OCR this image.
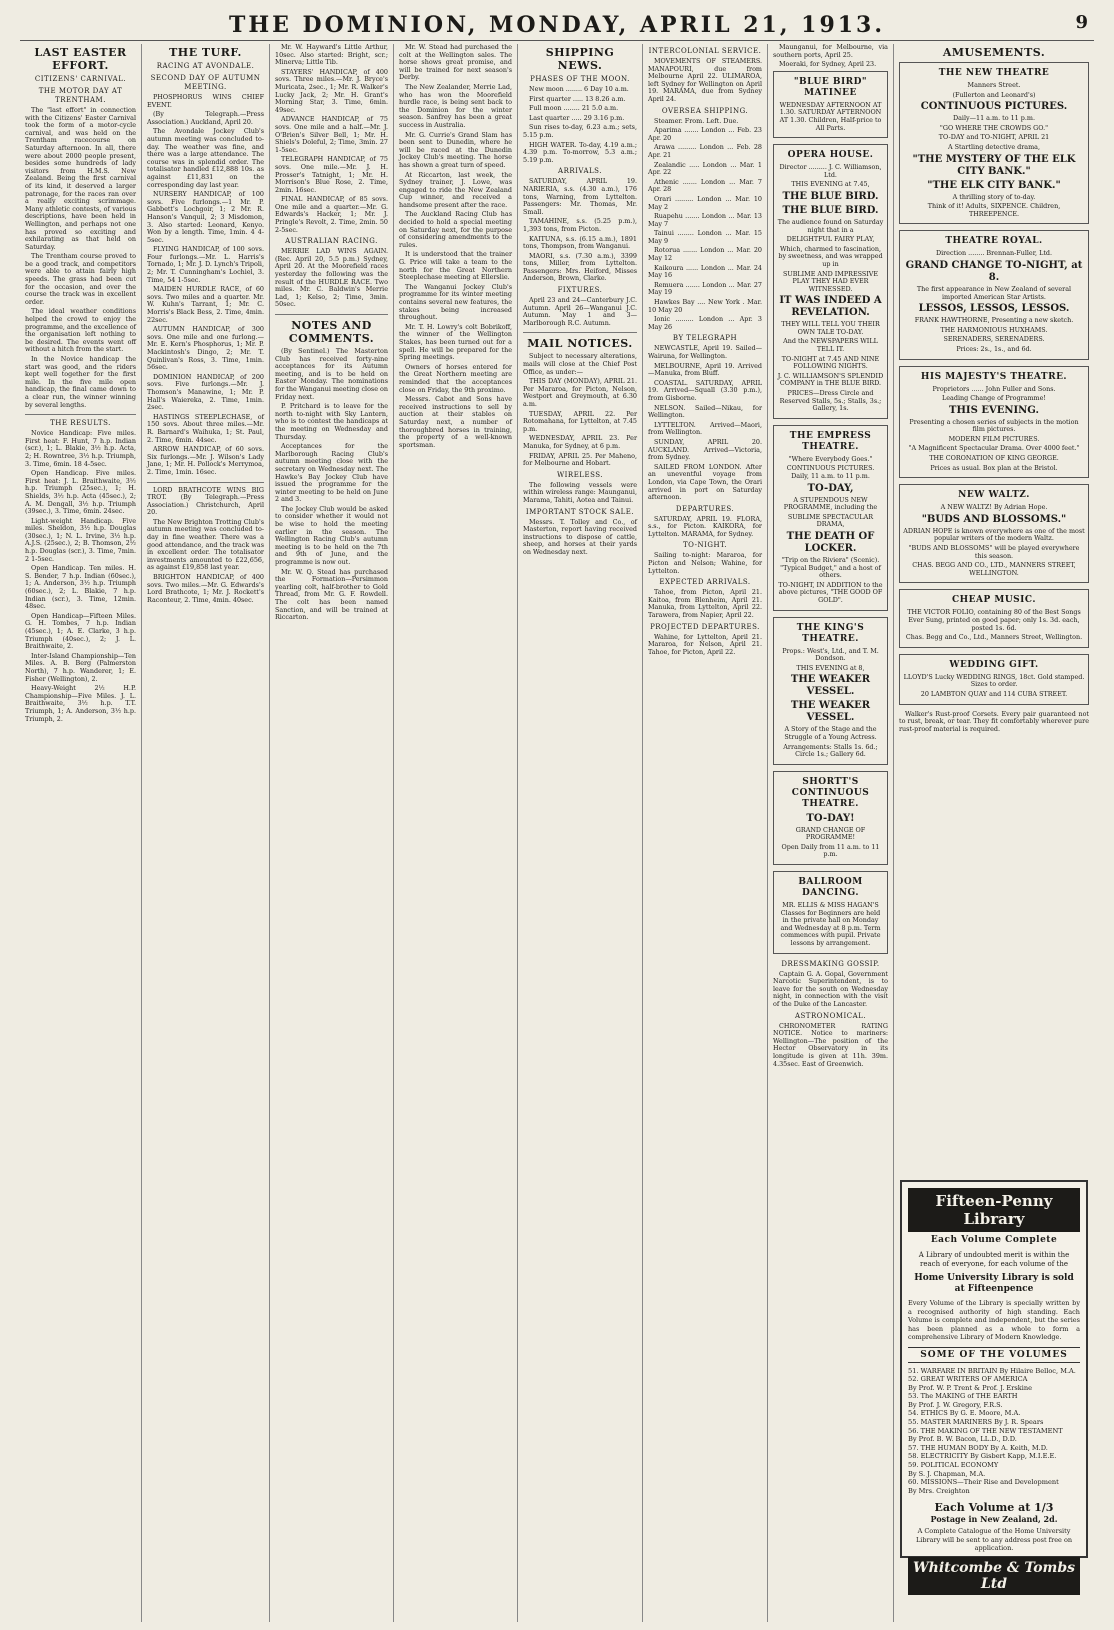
THE DOMINION, MONDAY, APRIL 21, 1913.	9
LAST EASTER EFFORT.
CITIZENS' CARNIVAL.
THE MOTOR DAY AT TRENTHAM.

The "last effort" in connection with the Citizens' Easter Carnival took the form of a motor-cycle carnival, and was held on the Trentham racecourse on Saturday afternoon. In all, there were about 2000 people present, besides some hundreds of lady visitors from H.M.S. New Zealand. Being the first carnival of its kind, it deserved a larger patronage, for the races ran over a really exciting scrimmage. Many athletic contests, of various descriptions, have been held in Wellington, and perhaps not one has proved so exciting and exhilarating as that held on Saturday.

The Trentham course proved to be a good track, and competitors were able to attain fairly high speeds. The grass had been cut for the occasion, and over the course the track was in excellent order.

The ideal weather conditions helped the crowd to enjoy the programme, and the excellence of the organisation left nothing to be desired. The events went off without a hitch from the start.

In the Novice handicap the start was good, and the riders kept well together for the first mile. In the five mile open handicap, the final came down to a clear run, the winner winning by several lengths.

THE RESULTS.

Novice Handicap: Five miles. First heat: F. Hunt, 7 h.p. Indian (scr.), 1; L. Blakie, 3½ h.p. Acta, 2; H. Rowntree, 3½ h.p. Triumph, 3. Time, 6min. 18 4-5sec.

Open Handicap. Five miles. First heat: J. L. Braithwaite, 3½ h.p. Triumph (25sec.), 1; H. Shields, 3½ h.p. Acta (45sec.), 2; A. M. Dengall, 3½ h.p. Triumph (39sec.), 3. Time, 6min. 24sec.

Light-weight Handicap. Five miles. Sheldon, 3½ h.p. Douglas (30sec.), 1; N. L. Irvine, 3½ h.p. A.J.S. (25sec.), 2; B. Thomson, 2½ h.p. Douglas (scr.), 3. Time, 7min. 2 1-5sec.

Open Handicap. Ten miles. H. S. Bender, 7 h.p. Indian (60sec.), 1; A. Anderson, 3½ h.p. Triumph (60sec.), 2; L. Blakie, 7 h.p. Indian (scr.), 3. Time, 12min. 48sec.

Open Handicap—Fifteen Miles. G. H. Tombes, 7 h.p. Indian (45sec.), 1; A. E. Clarke, 3 h.p. Triumph (40sec.), 2; J. L. Braithwaite, 2.

Inter-Island Championship—Ten Miles. A. B. Berg (Palmerston North), 7 h.p. Wanderer, 1; E. Fisher (Wellington), 2.

Heavy-Weight 2½ H.P. Championship—Five Miles. J. L. Braithwaite, 3½ h.p. T.T. Triumph, 1; A. Anderson, 3½ h.p. Triumph, 2.

THE TURF.
RACING AT AVONDALE.
SECOND DAY OF AUTUMN MEETING.

PHOSPHORUS WINS CHIEF EVENT.

(By Telegraph.—Press Association.) Auckland, April 20.

The Avondale Jockey Club's autumn meeting was concluded to-day. The weather was fine, and there was a large attendance. The course was in splendid order. The totalisator handled £12,888 10s. as against £11,831 on the corresponding day last year.

NURSERY HANDICAP, of 100 sovs. Five furlongs.—1 Mr. P. Gabbett's Lochgoir, 1; 2 Mr. R. Hanson's Vanquil, 2; 3 Misdomon, 3. Also started: Leonard, Kenyo. Won by a length. Time, 1min. 4 4-5sec.

FLYING HANDICAP, of 100 sovs. Four furlongs.—Mr. L. Harris's Tornado, 1; Mr. J. D. Lynch's Tripoli, 2; Mr. T. Cunningham's Lochiel, 3. Time, 54 1-5sec.

MAIDEN HURDLE RACE, of 60 sovs. Two miles and a quarter. Mr. W. Kuhn's Tarrant, 1; Mr. C. Morris's Black Bess, 2. Time, 4min. 22sec.

AUTUMN HANDICAP, of 300 sovs. One mile and one furlong.—Mr. E. Kern's Phosphorus, 1; Mr. P. Mackintosh's Dingo, 2; Mr. T. Quinlivan's Ross, 3. Time, 1min. 56sec.

DOMINION HANDICAP, of 200 sovs. Five furlongs.—Mr. J. Thomson's Manawine, 1; Mr. P. Hall's Waiereka, 2. Time, 1min. 2sec.

HASTINGS STEEPLECHASE, of 150 sovs. About three miles.—Mr. R. Barnard's Waihuka, 1; St. Paul, 2. Time, 6min. 44sec.

ARROW HANDICAP, of 60 sovs. Six furlongs.—Mr. J. Wilson's Lady Jane, 1; Mr. H. Pollock's Merrymoa, 2. Time, 1min. 16sec.

LORD BRATHCOTE WINS BIG TROT. (By Telegraph.—Press Association.) Christchurch, April 20.

The New Brighton Trotting Club's autumn meeting was concluded to-day in fine weather. There was a good attendance, and the track was in excellent order. The totalisator investments amounted to £22,656, as against £19,858 last year.

BRIGHTON HANDICAP, of 400 sovs. Two miles.—Mr. G. Edwards's Lord Brathcote, 1; Mr. J. Rockett's Raconteur, 2. Time, 4min. 40sec.

Mr. W. Hayward's Little Arthur, 10sec. Also started: Bright, scr.; Minerva; Little Tib.

STAYERS' HANDICAP, of 400 sovs. Three miles.—Mr. J. Bryce's Muricata, 2sec., 1; Mr. R. Walker's Lucky Jack, 2; Mr. H. Grant's Morning Star, 3. Time, 6min. 49sec.

ADVANCE HANDICAP, of 75 sovs. One mile and a half.—Mr. J. O'Brien's Silver Bell, 1; Mr. H. Shiels's Doleful, 2; Time, 3min. 27 1-5sec.

TELEGRAPH HANDICAP, of 75 sovs. One mile.—Mr. J. H. Prosser's Tatnight, 1; Mr. H. Morrison's Blue Rose, 2. Time, 2min. 16sec.

FINAL HANDICAP, of 85 sovs. One mile and a quarter.—Mr. G. Edwards's Hacker, 1; Mr. J. Pringle's Revolt, 2. Time, 2min. 50 2-5sec.

AUSTRALIAN RACING.

MERRIE LAD WINS AGAIN. (Rec. April 20, 5.5 p.m.) Sydney, April 20. At the Moorefield races yesterday the following was the result of the HURDLE RACE. Two miles. Mr. C. Baldwin's Merrie Lad, 1; Kelso, 2; Time, 3min. 50sec.

NOTES AND COMMENTS.

(By Sentinel.) The Masterton Club has received forty-nine acceptances for its Autumn meeting, and is to be held on Easter Monday. The nominations for the Wanganui meeting close on Friday next.

P. Pritchard is to leave for the north to-night with Sky Lantern, who is to contest the handicaps at the meeting on Wednesday and Thursday.

Acceptances for the Marlborough Racing Club's autumn meeting close with the secretary on Wednesday next. The Hawke's Bay Jockey Club have issued the programme for the winter meeting to be held on June 2 and 3.

The Jockey Club would be asked to consider whether it would not be wise to hold the meeting earlier in the season. The Wellington Racing Club's autumn meeting is to be held on the 7th and 9th of June, and the programme is now out.

Mr. W. Q. Stead has purchased the Formation—Persimmon yearling colt, half-brother to Gold Thread, from Mr. G. F. Rowdell. The colt has been named Sanction, and will be trained at Riccarton.

Mr. W. Stead had purchased the colt at the Wellington sales. The horse shows great promise, and will be trained for next season's Derby.

The New Zealander, Merrie Lad, who has won the Moorefield hurdle race, is being sent back to the Dominion for the winter season. Sanfrey has been a great success in Australia.

Mr. G. Currie's Grand Slam has been sent to Dunedin, where he will be raced at the Dunedin Jockey Club's meeting. The horse has shown a great turn of speed.

At Riccarton, last week, the Sydney trainer, J. Lowe, was engaged to ride the New Zealand Cup winner, and received a handsome present after the race.

The Auckland Racing Club has decided to hold a special meeting on Saturday next, for the purpose of considering amendments to the rules.

It is understood that the trainer G. Price will take a team to the north for the Great Northern Steeplechase meeting at Ellerslie.

The Wanganui Jockey Club's programme for its winter meeting contains several new features, the stakes being increased throughout.

Mr. T. H. Lowry's colt Bobrikoff, the winner of the Wellington Stakes, has been turned out for a spell. He will be prepared for the Spring meetings.

Owners of horses entered for the Great Northern meeting are reminded that the acceptances close on Friday, the 9th proximo.

Messrs. Cabot and Sons have received instructions to sell by auction at their stables on Saturday next, a number of thoroughbred horses in training, the property of a well-known sportsman.

SHIPPING NEWS.
PHASES OF THE MOON.

New moon ........ 6 Day 10 a.m.

First quarter ..... 13 8.26 a.m.

Full moon ........ 21 5.0 a.m.

Last quarter ..... 29 3.16 p.m.

Sun rises to-day, 6.23 a.m.; sets, 5.15 p.m.

HIGH WATER. To-day, 4.19 a.m.; 4.39 p.m. To-morrow, 5.3 a.m.; 5.19 p.m.

ARRIVALS.

SATURDAY, APRIL 19. NARIERIA, s.s. (4.30 a.m.), 176 tons, Warning, from Lyttelton. Passengers: Mr. Thomas, Mr. Small.

TAMAHINE, s.s. (5.25 p.m.), 1,393 tons, from Picton.

KAITUNA, s.s. (6.15 a.m.), 1891 tons, Thompson, from Wanganui.

MAORI, s.s. (7.30 a.m.), 3399 tons, Miller, from Lyttelton. Passengers: Mrs. Heiford, Misses Anderson, Brown, Clarke.

FIXTURES.

April 23 and 24—Canterbury J.C. Autumn. April 26—Wanganui J.C. Autumn. May 1 and 3—Marlborough R.C. Autumn.

MAIL NOTICES.

Subject to necessary alterations, mails will close at the Chief Post Office, as under:—

THIS DAY (MONDAY), APRIL 21. Per Mararoa, for Picton, Nelson, Westport and Greymouth, at 6.30 a.m.

TUESDAY, APRIL 22. Per Rotomahana, for Lyttelton, at 7.45 p.m.

WEDNESDAY, APRIL 23. Per Manuka, for Sydney, at 6 p.m.

FRIDAY, APRIL 25. Per Maheno, for Melbourne and Hobart.

WIRELESS.

The following vessels were within wireless range: Maunganui, Marama, Tahiti, Aotea and Tainui.

IMPORTANT STOCK SALE.

Messrs. T. Tolley and Co., of Masterton, report having received instructions to dispose of cattle, sheep, and horses at their yards on Wednesday next.

INTERCOLONIAL SERVICE.

MOVEMENTS OF STEAMERS. MANAPOURI, due from Melbourne April 22. ULIMAROA, left Sydney for Wellington on April 19. MARAMA, due from Sydney April 24.

OVERSEA SHIPPING.

Steamer. From. Left. Due.

Aparima ....... London ... Feb. 23 Apr. 20

Arawa ......... London ... Feb. 28 Apr. 21

Zealandic ..... London ... Mar. 1 Apr. 22

Athenic ....... London ... Mar. 7 Apr. 28

Orari ......... London ... Mar. 10 May 2

Ruapehu ....... London ... Mar. 13 May 7

Tainui ........ London ... Mar. 15 May 9

Rotorua ....... London ... Mar. 20 May 12

Kaikoura ...... London ... Mar. 24 May 16

Remuera ....... London ... Mar. 27 May 19

Hawkes Bay .... New York . Mar. 10 May 20

Ionic ......... London ... Apr. 3 May 26

BY TELEGRAPH

NEWCASTLE, April 19. Sailed—Wairuna, for Wellington.

MELBOURNE, April 19. Arrived—Manuka, from Bluff.

COASTAL. SATURDAY, APRIL 19. Arrived—Squall (3.30 p.m.), from Gisborne.

NELSON. Sailed—Nikau, for Wellington.

LYTTELTON. Arrived—Maori, from Wellington.

SUNDAY, APRIL 20. AUCKLAND. Arrived—Victoria, from Sydney.

SAILED FROM LONDON. After an uneventful voyage from London, via Cape Town, the Orari arrived in port on Saturday afternoon.

DEPARTURES.

SATURDAY, APRIL 19. FLORA, s.s., for Picton. KAIKORA, for Lyttelton. MARAMA, for Sydney.

TO-NIGHT.

Sailing to-night: Mararoa, for Picton and Nelson; Wahine, for Lyttelton.

EXPECTED ARRIVALS.

Tahoe, from Picton, April 21. Kaitoa, from Blenheim, April 21. Manuka, from Lyttelton, April 22. Tarawera, from Napier, April 22.

PROJECTED DEPARTURES.

Wahine, for Lyttelton, April 21. Mararoa, for Nelson, April 21. Tahoe, for Picton, April 22.

Maunganui, for Melbourne, via southern ports, April 25.

Moeraki, for Sydney, April 23.

"BLUE BIRD" MATINEE

WEDNESDAY AFTERNOON AT 1.30. SATURDAY AFTERNOON AT 1.30. Children, Half-price to All Parts.

OPERA HOUSE.

Director ......... J. C. Williamson, Ltd.

THIS EVENING at 7.45,

THE BLUE BIRD.
THE BLUE BIRD.

The audience found on Saturday night that in a

DELIGHTFUL FAIRY PLAY,

Which, charmed to fascination, by sweetness, and was wrapped up in

SUBLIME AND IMPRESSIVE PLAY THEY HAD EVER WITNESSED.

IT WAS INDEED A REVELATION.

THEY WILL TELL YOU THEIR OWN TALE TO-DAY.

And the NEWSPAPERS WILL TELL IT.

TO-NIGHT at 7.45 AND NINE FOLLOWING NIGHTS.

J. C. WILLIAMSON'S SPLENDID COMPANY in THE BLUE BIRD.

PRICES—Dress Circle and Reserved Stalls, 5s.; Stalls, 3s.; Gallery, 1s.

THE EMPRESS THEATRE.

"Where Everybody Goes."

CONTINUOUS PICTURES. Daily, 11 a.m. to 11 p.m.

TO-DAY,

A STUPENDOUS NEW PROGRAMME, including the

SUBLIME SPECTACULAR DRAMA,

THE DEATH OF LOCKER.

"Trip on the Riviera" (Scenic). "Typical Budget," and a host of others.

TO-NIGHT, IN ADDITION to the above pictures, "THE GOOD OF GOLD".

THE KING'S THEATRE.

Props.: West's, Ltd., and T. M. Dondson.

THIS EVENING at 8,

THE WEAKER VESSEL.
THE WEAKER VESSEL.

A Story of the Stage and the Struggle of a Young Actress.

Arrangements: Stalls 1s. 6d.; Circle 1s.; Gallery 6d.

SHORTT'S CONTINUOUS THEATRE.
TO-DAY!

GRAND CHANGE OF PROGRAMME!

Open Daily from 11 a.m. to 11 p.m.

BALLROOM DANCING.

MR. ELLIS & MISS HAGAN'S Classes for Beginners are held in the private hall on Monday and Wednesday at 8 p.m. Term commences with pupil. Private lessons by arrangement.

DRESSMAKING GOSSIP.

Captain G. A. Gopal, Government Narcotic Superintendent, is to leave for the south on Wednesday night, in connection with the visit of the Duke of the Lancaster.

ASTRONOMICAL.

CHRONOMETER RATING NOTICE. Notice to mariners: Wellington—The position of the Hector Observatory in its longitude is given at 11h. 39m. 4.35sec. East of Greenwich.

AMUSEMENTS.
THE NEW THEATRE

Manners Street.

(Fullerton and Leonard's)

CONTINUOUS PICTURES.

Daily—11 a.m. to 11 p.m.

"GO WHERE THE CROWDS GO."

TO-DAY and TO-NIGHT, APRIL 21

A Startling detective drama,

"THE MYSTERY OF THE ELK CITY BANK."
"THE ELK CITY BANK."

A thrilling story of to-day.

Think of it! Adults, SIXPENCE. Children, THREEPENCE.

THEATRE ROYAL.

Direction ........ Brennan-Fuller, Ltd.

GRAND CHANGE TO-NIGHT, at 8.

The first appearance in New Zealand of several imported American Star Artists.

LESSOS, LESSOS, LESSOS.

FRANK HAWTHORNE, Presenting a new sketch.

THE HARMONIOUS HUXHAMS.

SERENADERS, SERENADERS.

Prices: 2s., 1s., and 6d.

HIS MAJESTY'S THEATRE.

Proprietors ...... John Fuller and Sons.

Leading Change of Programme!

THIS EVENING.

Presenting a chosen series of subjects in the motion film pictures.

MODERN FILM PICTURES.

"A Magnificent Spectacular Drama. Over 4000 feet."

THE CORONATION OF KING GEORGE.

Prices as usual. Box plan at the Bristol.

NEW WALTZ.

A NEW WALTZ! By Adrian Hope.

"BUDS AND BLOSSOMS."

ADRIAN HOPE is known everywhere as one of the most popular writers of the modern Waltz.

"BUDS AND BLOSSOMS" will be played everywhere this season.

CHAS. BEGG AND CO., LTD., MANNERS STREET, WELLINGTON.

CHEAP MUSIC.

THE VICTOR FOLIO, containing 80 of the Best Songs Ever Sung, printed on good paper; only 1s. 3d. each, posted 1s. 6d.

Chas. Begg and Co., Ltd., Manners Street, Wellington.

WEDDING GIFT.

LLOYD'S Lucky WEDDING RINGS, 18ct. Gold stamped. Sizes to order.

20 LAMBTON QUAY and 114 CUBA STREET.

Walker's Rust-proof Corsets. Every pair guaranteed not to rust, break, or tear. They fit comfortably wherever pure rust-proof material is required.

Fifteen-Penny Library
Each Volume Complete
A Library of undoubted merit is within the reach of everyone, for each volume of the
Home University Library is sold at Fifteenpence
Every Volume of the Library is specially written by a recognised authority of high standing. Each Volume is complete and independent, but the series has been planned as a whole to form a comprehensive Library of Modern Knowledge.
SOME OF THE VOLUMES
51. WARFARE IN BRITAIN By Hilaire Belloc, M.A.
52. GREAT WRITERS OF AMERICA
By Prof. W. P. Trent & Prof. J. Erskine
53. The MAKING of THE EARTH
By Prof. J. W. Gregory, F.R.S.
54. ETHICS By G. E. Moore, M.A.
55. MASTER MARINERS By J. R. Spears
56. THE MAKING OF THE NEW TESTAMENT
By Prof. B. W. Bacon, LL.D., D.D.
57. THE HUMAN BODY By A. Keith, M.D.
58. ELECTRICITY By Gisbert Kapp, M.I.E.E.
59. POLITICAL ECONOMY
By S. J. Chapman, M.A.
60. MISSIONS—Their Rise and Development
By Mrs. Creighton
Each Volume at 1/3
Postage in New Zealand, 2d.
A Complete Catalogue of the Home University Library will be sent to any address post free on application.
Whitcombe & Tombs Ltd
